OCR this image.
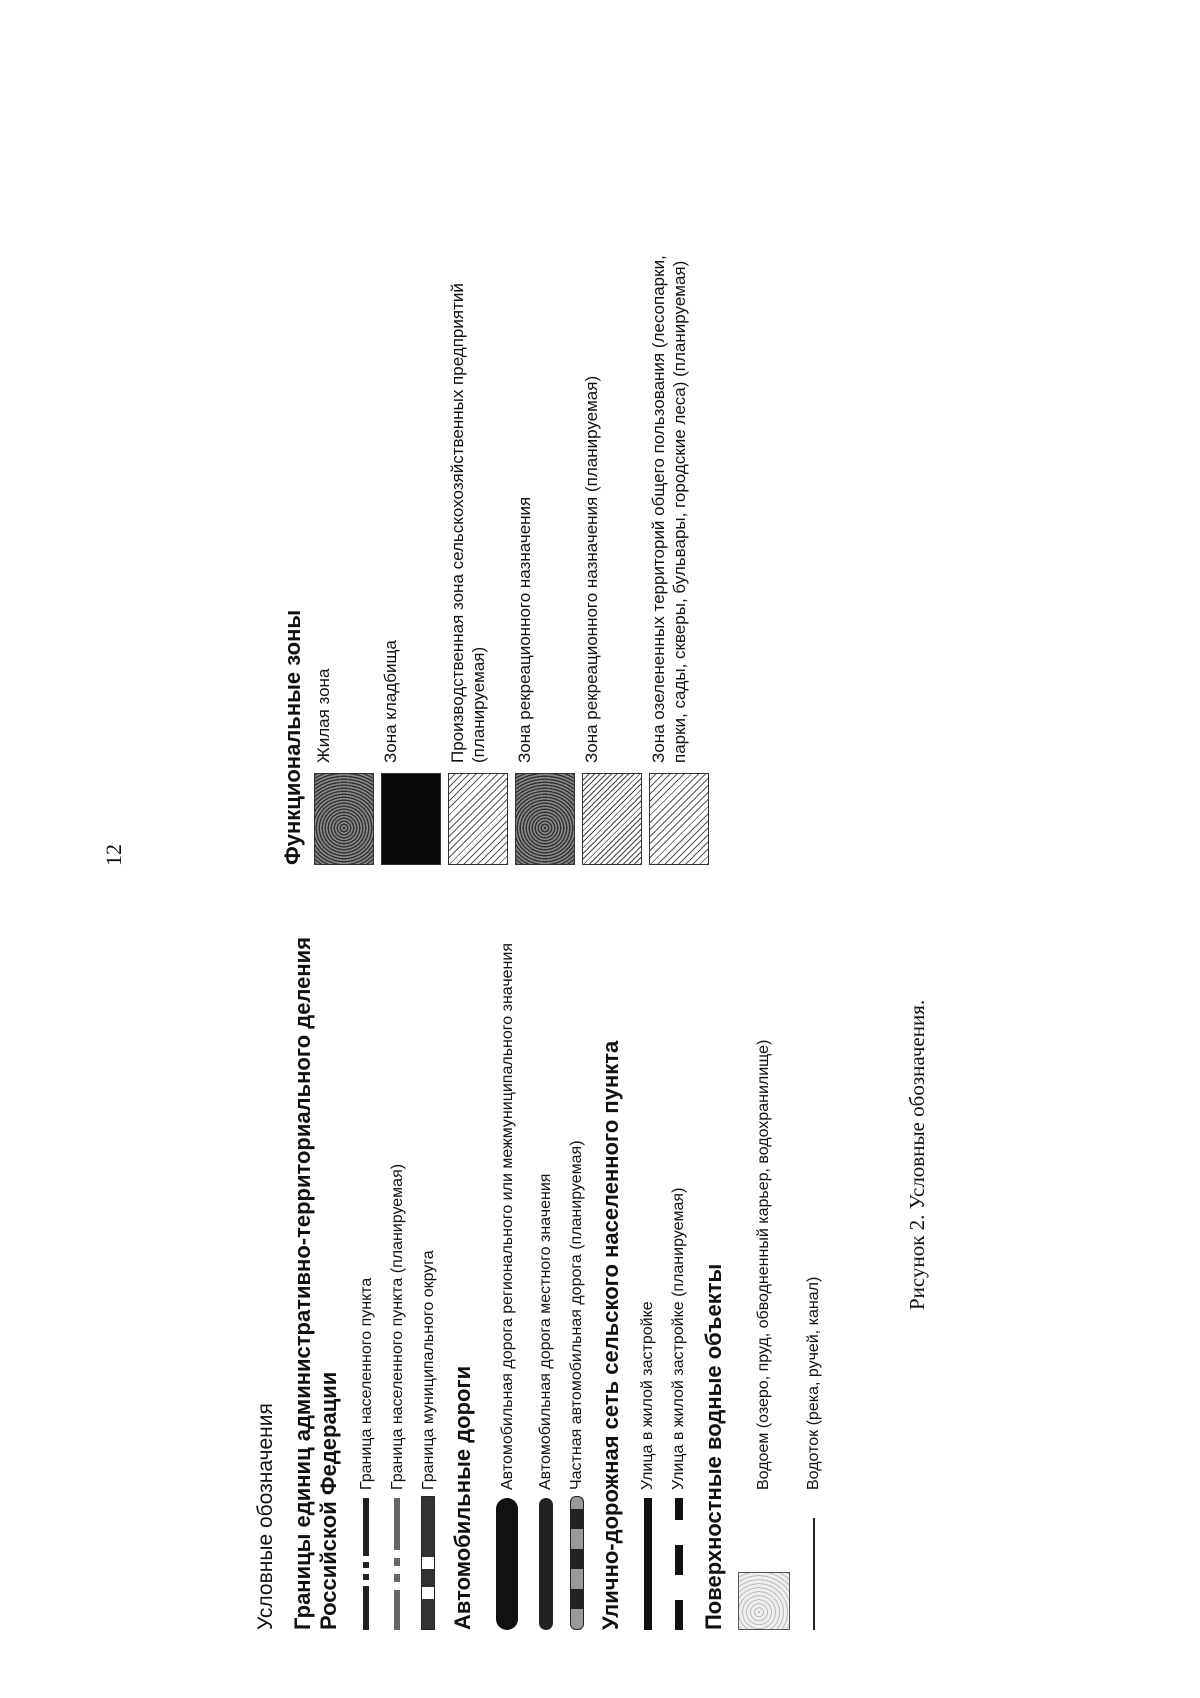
12
Условные обозначения Границы единиц административно-территориального деления Российской Федерации Граница населенного пункта Граница населенного пункта (планируемая) Граница муниципального округа Автомобильные дороги
Автомобильная дорога регионального или межмуниципального значения Автомобильная дорога местного значения Частная автомобильная дорога (планируемая) Улично-дорожная сеть сельского населенного пункта Улица в жилой застройке Улица в жилой застройке (планируемая) Поверхностные водные объекты Водоем (озеро, пруд, обводненный карьер, водохранилище) Водоток (река, ручей, канал)
Функциональные зоны Жилая зона	Зона кладбища	Производственная зона сельскохозяйственных предприятий (планируемая) Зона рекреационного назначения	Зона рекреационного назначения (планируемая)	Зона озелененных территорий общего пользования (лесопарки, парки, сады, скверы, бульвары, городские леса) (планируемая)
Рисунок 2. Условные обозначения.
